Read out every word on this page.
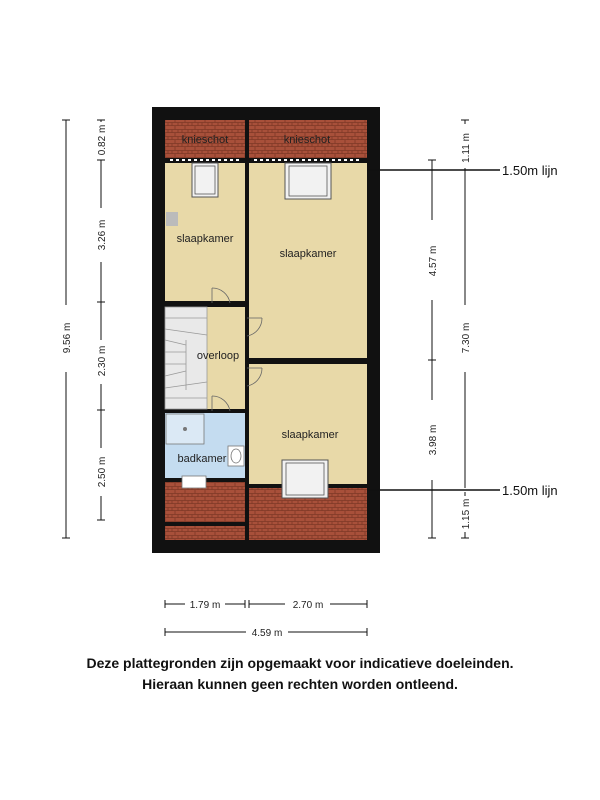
knieschot	knieschot
slaapkamer
slaapkamer
overloop
slaapkamer
badkamer
1.50m lijn
1.50m lijn
9.56 m
0.82 m
3.26 m
2.30 m
2.50 m
4.57 m
3.98 m
1.11 m
7.30 m
1.15 m
1.79 m	2.70 m
4.59 m
Deze plattegronden zijn opgemaakt voor indicatieve doeleinden.
Hieraan kunnen geen rechten worden ontleend.
